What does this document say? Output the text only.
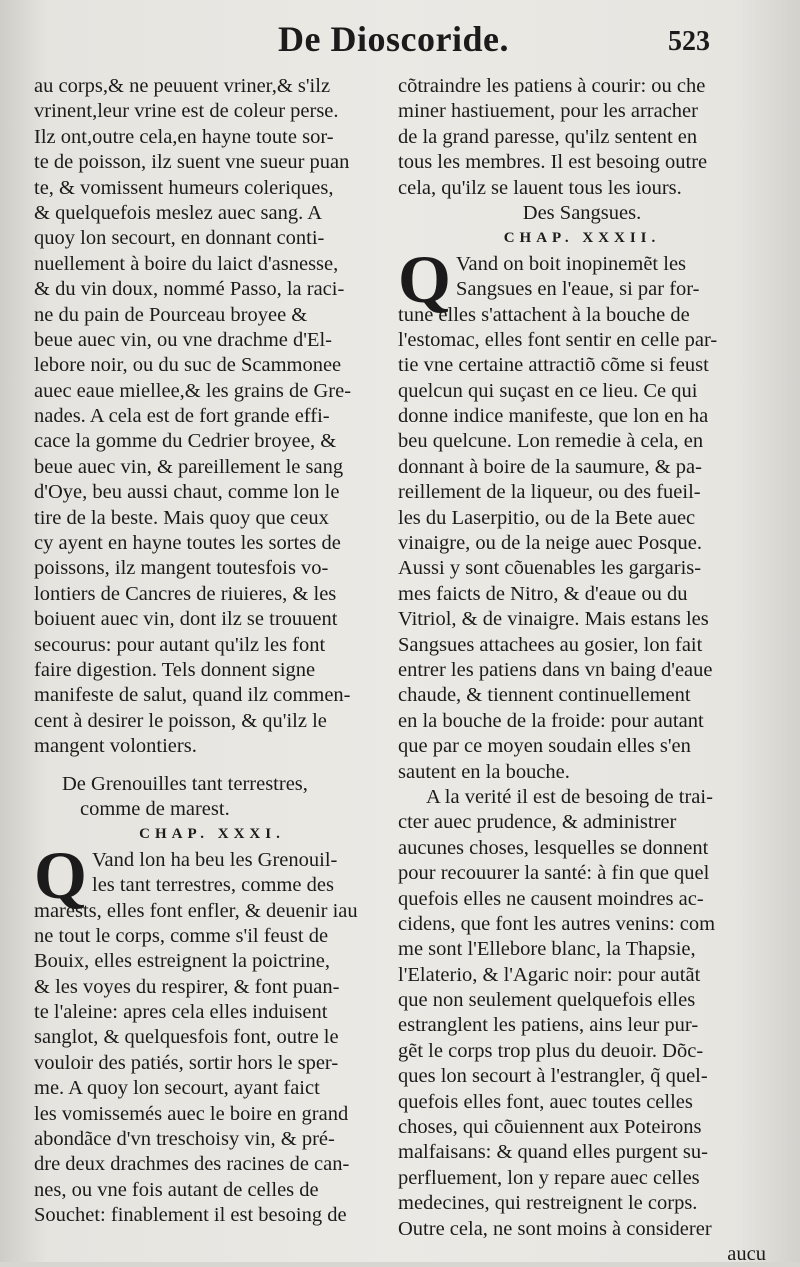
De Dioscoride.	523
au corps,& ne peuuent vriner,& s'ilz
vrinent,leur vrine est de coleur perse.
Ilz ont,outre cela,en hayne toute sor-
te de poisson, ilz suent vne sueur puan
te, & vomissent humeurs coleriques,
& quelquefois meslez auec sang. A
quoy lon secourt, en donnant conti-
nuellement à boire du laict d'asnesse,
& du vin doux, nommé Passo, la raci-
ne du pain de Pourceau broyee &
beue auec vin, ou vne drachme d'El-
lebore noir, ou du suc de Scammonee
auec eaue miellee,& les grains de Gre-
nades. A cela est de fort grande effi-
cace la gomme du Cedrier broyee, &
beue auec vin, & pareillement le sang
d'Oye, beu aussi chaut, comme lon le
tire de la beste. Mais quoy que ceux
cy ayent en hayne toutes les sortes de
poissons, ilz mangent toutesfois vo-
lontiers de Cancres de riuieres, & les
boiuent auec vin, dont ilz se trouuent
secourus: pour autant qu'ilz les font
faire digestion. Tels donnent signe
manifeste de salut, quand ilz commen-
cent à desirer le poisson, & qu'ilz le
mangent volontiers.
De Grenouilles tant terrestres,
comme de marest.
CHAP. XXXI.
Q Vand lon ha beu les Grenouil-
les tant terrestres, comme des
marests, elles font enfler, & deuenir iau
ne tout le corps, comme s'il feust de
Bouix, elles estreignent la poictrine,
& les voyes du respirer, & font puan-
te l'aleine: apres cela elles induisent
sanglot, & quelquesfois font, outre le
vouloir des patiés, sortir hors le sper-
me. A quoy lon secourt, ayant faict
les vomissemés auec le boire en grand
abondãce d'vn treschoisy vin, & pré-
dre deux drachmes des racines de can-
nes, ou vne fois autant de celles de
Souchet: finablement il est besoing de
cõtraindre les patiens à courir: ou che
miner hastiuement, pour les arracher
de la grand paresse, qu'ilz sentent en
tous les membres. Il est besoing outre
cela, qu'ilz se lauent tous les iours.
Des Sangsues.
CHAP. XXXII.
Q Vand on boit inopinemẽt les
Sangsues en l'eaue, si par for-
tune elles s'attachent à la bouche de
l'estomac, elles font sentir en celle par-
tie vne certaine attractiõ cõme si feust
quelcun qui suçast en ce lieu. Ce qui
donne indice manifeste, que lon en ha
beu quelcune. Lon remedie à cela, en
donnant à boire de la saumure, & pa-
reillement de la liqueur, ou des fueil-
les du Laserpitio, ou de la Bete auec
vinaigre, ou de la neige auec Posque.
Aussi y sont cõuenables les gargaris-
mes faicts de Nitro, & d'eaue ou du
Vitriol, & de vinaigre. Mais estans les
Sangsues attachees au gosier, lon fait
entrer les patiens dans vn baing d'eaue
chaude, & tiennent continuellement
en la bouche de la froide: pour autant
que par ce moyen soudain elles s'en
sautent en la bouche.
A la verité il est de besoing de trai-
cter auec prudence, & administrer
aucunes choses, lesquelles se donnent
pour recouurer la santé: à fin que quel
quefois elles ne causent moindres ac-
cidens, que font les autres venins: com
me sont l'Ellebore blanc, la Thapsie,
l'Elaterio, & l'Agaric noir: pour autãt
que non seulement quelquefois elles
estranglent les patiens, ains leur pur-
gẽt le corps trop plus du deuoir. Dõc-
ques lon secourt à l'estrangler, q̃ quel-
quefois elles font, auec toutes celles
choses, qui cõuiennent aux Poteirons
malfaisans: & quand elles purgent su-
perfluement, lon y repare auec celles
medecines, qui restreignent le corps.
Outre cela, ne sont moins à considerer
aucu
